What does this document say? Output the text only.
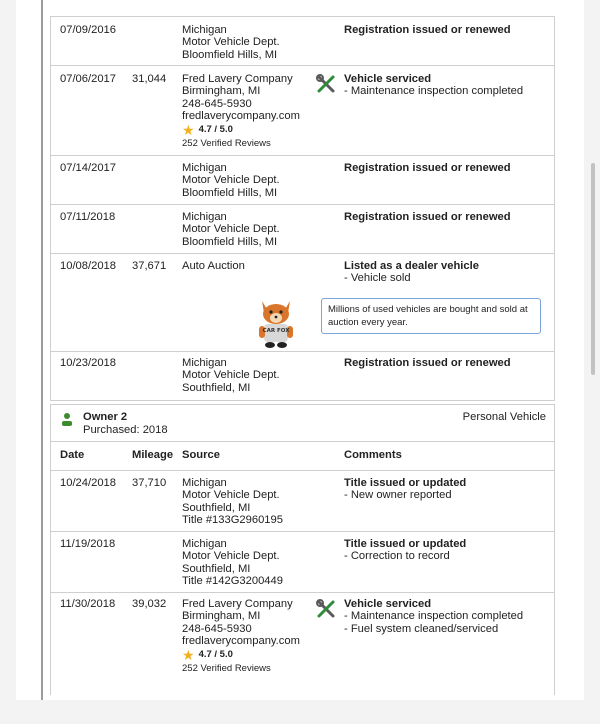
07/09/2016	Michigan
Motor Vehicle Dept.
Bloomfield Hills, MI
Registration issued or renewed
07/06/2017 31,044 Fred Lavery Company
Birmingham, MI
248-645-5930
fredlaverycompany.com
★ 4.7 / 5.0
252 Verified Reviews
Vehicle serviced
- Maintenance inspection completed
07/14/2017	Michigan
Motor Vehicle Dept.
Bloomfield Hills, MI
Registration issued or renewed
07/11/2018	Michigan
Motor Vehicle Dept.
Bloomfield Hills, MI
Registration issued or renewed
10/08/2018 37,671 Auto Auction	Listed as a dealer vehicle
- Vehicle sold
CAR FOX
Millions of used vehicles are bought and sold at auction every year.
10/23/2018	Michigan
Motor Vehicle Dept.
Southfield, MI
Registration issued or renewed
Owner 2
Purchased: 2018
Personal Vehicle
Date	Mileage Source	Comments
10/24/2018 37,710 Michigan
Motor Vehicle Dept.
Southfield, MI
Title #133G2960195
Title issued or updated
- New owner reported
11/19/2018	Michigan
Motor Vehicle Dept.
Southfield, MI
Title #142G3200449
Title issued or updated
- Correction to record
11/30/2018 39,032 Fred Lavery Company
Birmingham, MI
248-645-5930
fredlaverycompany.com
★ 4.7 / 5.0
252 Verified Reviews
Vehicle serviced
- Maintenance inspection completed
- Fuel system cleaned/serviced
